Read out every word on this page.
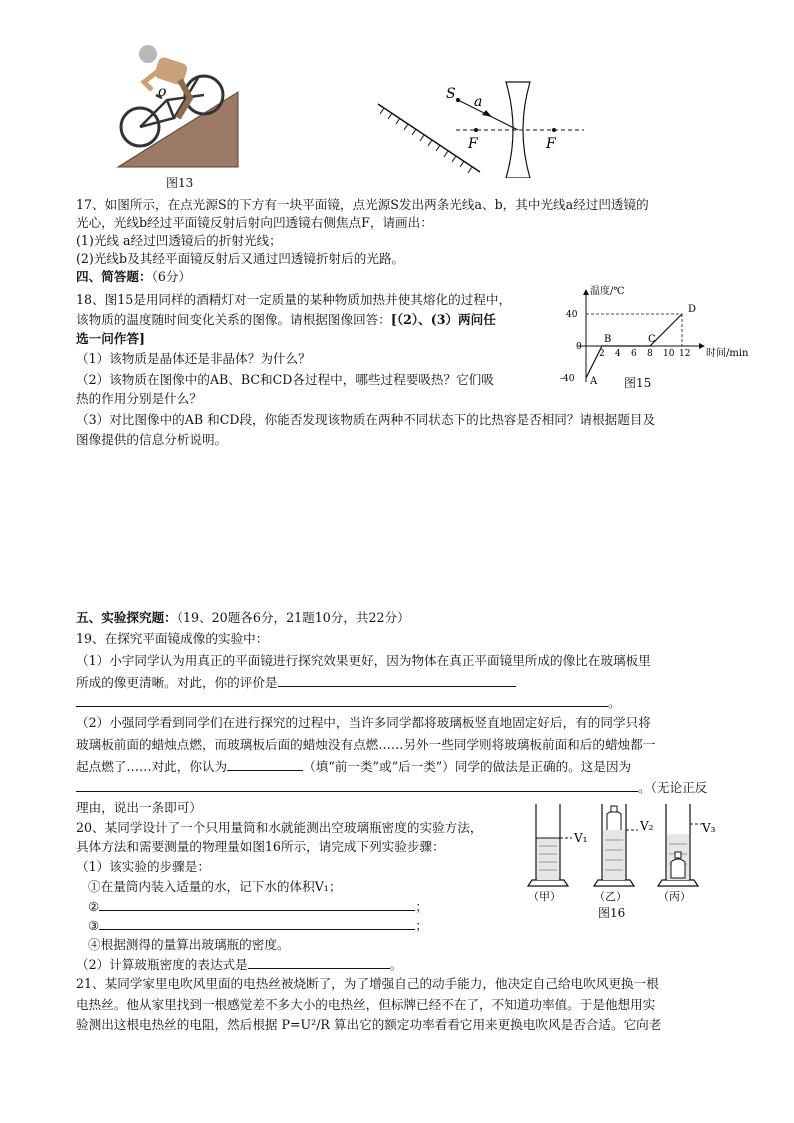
o
图13
S a
F	F
17、如图所示，在点光源S的下方有一块平面镜，点光源S发出两条光线a、b，其中光线a经过凹透镜的
光心，光线b经过平面镜反射后射向凹透镜右侧焦点F，请画出：
(1)光线 a经过凹透镜后的折射光线；
(2)光线b及其经平面镜反射后又通过凹透镜折射后的光路。
四、简答题：（6分）
18、图15是用同样的酒精灯对一定质量的某种物质加热并使其熔化的过程中，
该物质的温度随时间变化关系的图像。请根据图像回答：[（2）、(3）两问任
选一问作答]
（1）该物质是晶体还是非晶体？为什么？
（2）该物质在图像中的AB、BC和CD各过程中，哪些过程要吸热？它们吸
热的作用分别是什么？
（3）对比图像中的AB 和CD段，你能否发现该物质在两种不同状态下的比热容是否相同？请根据题目及
图像提供的信息分析说明。
2 4 6 8 10 12
40
0
-40 A
B	C
D
温度/℃
时间/min
图15
五、实验探究题：（19、20题各6分，21题10分，共22分）
19、在探究平面镜成像的实验中：
（1）小宇同学认为用真正的平面镜进行探究效果更好，因为物体在真正平面镜里所成的像比在玻璃板里
所成的像更清晰。对此，你的评价是
。
（2）小强同学看到同学们在进行探究的过程中，当许多同学都将玻璃板竖直地固定好后，有的同学只将
玻璃板前面的蜡烛点燃，而玻璃板后面的蜡烛没有点燃……另外一些同学则将玻璃板前面和后的蜡烛都一
起点燃了……对此，你认为	（填“前一类”或“后一类”）同学的做法是正确的。这是因为
。（无论正反
理由，说出一条即可）
20、某同学设计了一个只用量筒和水就能测出空玻璃瓶密度的实验方法，
具体方法和需要测量的物理量如图16所示，请完成下列实验步骤：
（1）该实验的步骤是：
①在量筒内装入适量的水，记下水的体积V₁；
②	；
③	；
④根据测得的量算出玻璃瓶的密度。
（2）计算玻瓶密度的表达式是	。
V₁
V₂	V₃
（甲）	（乙）	（丙）
图16
21、某同学家里电吹风里面的电热丝被烧断了，为了增强自己的动手能力，他决定自己给电吹风更换一根
电热丝。他从家里找到一根感觉差不多大小的电热丝，但标牌已经不在了，不知道功率值。于是他想用实
验测出这根电热丝的电阻，然后根据 P=U²/R 算出它的额定功率看看它用来更换电吹风是否合适。它向老
